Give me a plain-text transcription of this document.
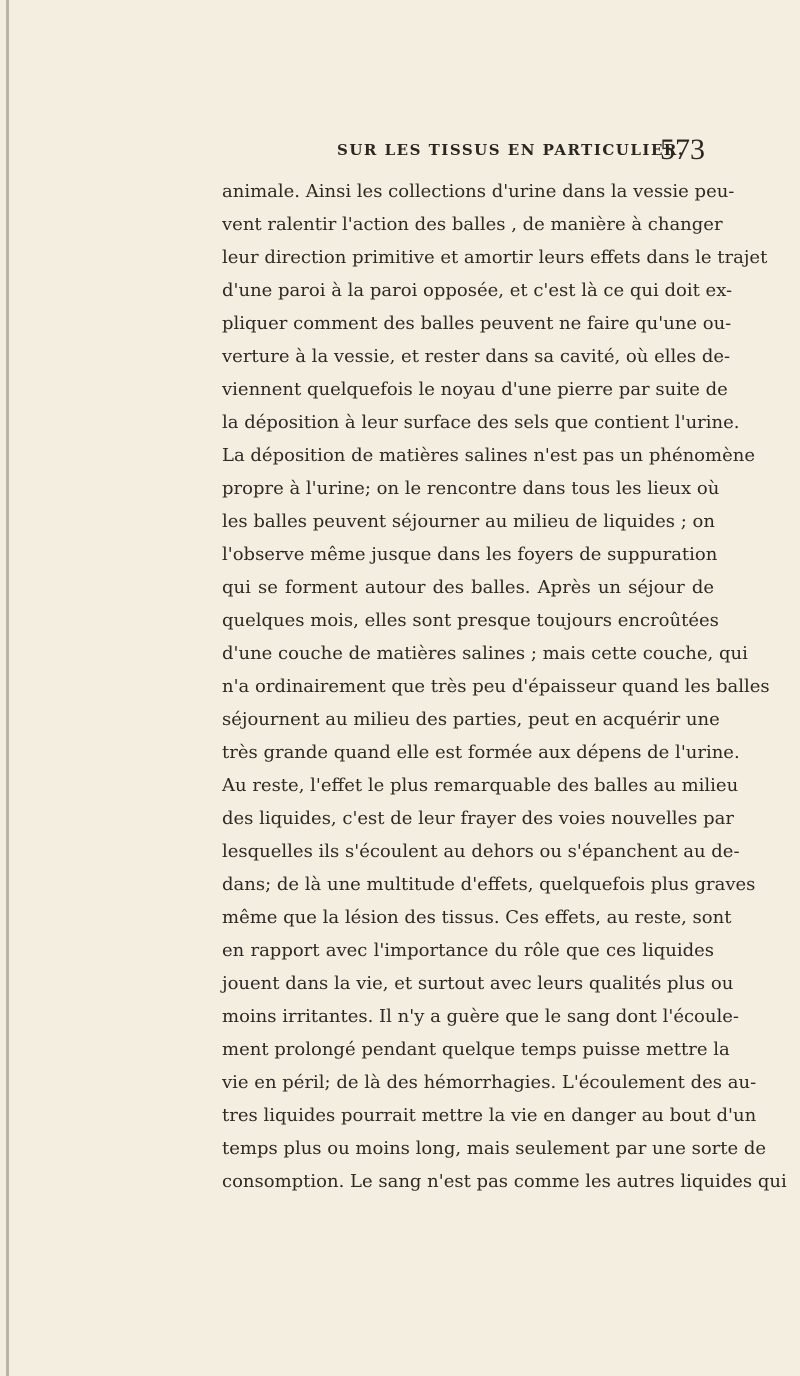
SUR LES TISSUS EN PARTICULIER.
573
animale. Ainsi les collections d'urine dans la vessie peu-
vent ralentir l'action des balles , de manière à changer
leur direction primitive et amortir leurs effets dans le trajet
d'une paroi à la paroi opposée, et c'est là ce qui doit ex-
pliquer comment des balles peuvent ne faire qu'une ou-
verture à la vessie, et rester dans sa cavité, où elles de-
viennent quelquefois le noyau d'une pierre par suite de
la déposition à leur surface des sels que contient l'urine.
La déposition de matières salines n'est pas un phénomène
propre à l'urine; on le rencontre dans tous les lieux où
les balles peuvent séjourner au milieu de liquides ; on
l'observe même jusque dans les foyers de suppuration
qui se forment autour des balles. Après un séjour de
quelques mois, elles sont presque toujours encroûtées
d'une couche de matières salines ; mais cette couche, qui
n'a ordinairement que très peu d'épaisseur quand les balles
séjournent au milieu des parties, peut en acquérir une
très grande quand elle est formée aux dépens de l'urine.
Au reste, l'effet le plus remarquable des balles au milieu
des liquides, c'est de leur frayer des voies nouvelles par
lesquelles ils s'écoulent au dehors ou s'épanchent au de-
dans; de là une multitude d'effets, quelquefois plus graves
même que la lésion des tissus. Ces effets, au reste, sont
en rapport avec l'importance du rôle que ces liquides
jouent dans la vie, et surtout avec leurs qualités plus ou
moins irritantes. Il n'y a guère que le sang dont l'écoule-
ment prolongé pendant quelque temps puisse mettre la
vie en péril; de là des hémorrhagies. L'écoulement des au-
tres liquides pourrait mettre la vie en danger au bout d'un
temps plus ou moins long, mais seulement par une sorte de
consomption. Le sang n'est pas comme les autres liquides qui
